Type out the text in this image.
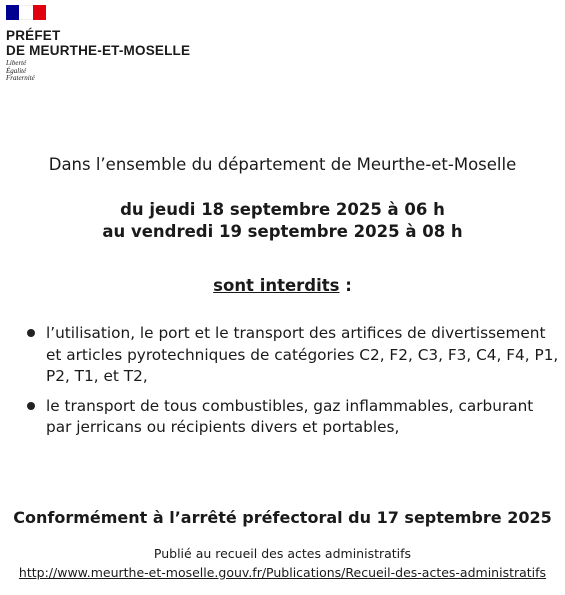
PRÉFET
DE MEURTHE-ET-MOSELLE
Liberté
Égalité
Fraternité
Dans l’ensemble du département de Meurthe-et-Moselle
du jeudi 18 septembre 2025 à 06 h
au vendredi 19 septembre 2025 à 08 h
sont interdits :
l’utilisation, le port et le transport des artifices de divertissement et articles pyrotechniques de catégories C2, F2, C3, F3, C4, F4, P1, P2, T1, et T2,
le transport de tous combustibles, gaz inflammables, carburant par jerricans ou récipients divers et portables,
Conformément à l’arrêté préfectoral du 17 septembre 2025
Publié au recueil des actes administratifs
http://www.meurthe-et-moselle.gouv.fr/Publications/Recueil-des-actes-administratifs
